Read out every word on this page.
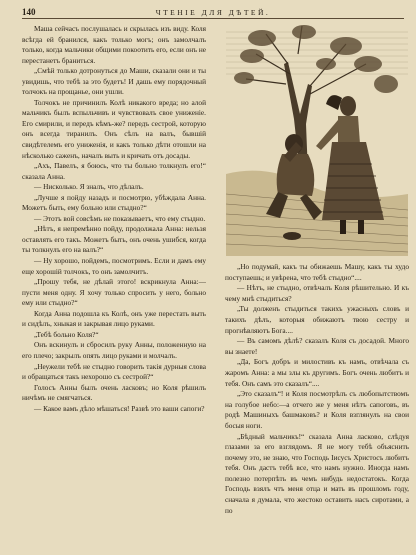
140	ЧТЕНІЕ ДЛЯ ДѢТЕЙ.

Маша сейчасъ послушалась и скрылась изъ виду. Коля всѣгда ей бранился, какъ только могъ; онъ замолчалъ только, когда мальчики общими покоотить его, если онъ не перестанетъ браниться.

„Смѣй только дотронуться до Маши, сказали они и ты увидишь, что тебѣ за это будетъ! И дашь ему порядочный толчокъ на прощанье, они ушли.

Толчокъ не причинилъ Колѣ никакого вреда; но алой мальчикъ былъ вспыльчивъ и чувствовалъ свое униженіе. Его смирили, и передъ кѣмъ-же? передъ сестрой, которую онъ всегда тиранилъ. Онъ сѣлъ на валъ, бывшій свидѣтелемъ его униженія, и какъ только дѣти отошли на нѣсколько саженъ, началъ выть и кричать отъ досады.

„Ахъ, Павелъ, я боюсь, что ты больно толкнулъ его!“ сказала Анна.

— Нисколько. Я зналъ, что дѣлалъ.

„Лучше я пойду назадъ и посмотрю, убѣждала Анна. Можетъ быть, ему больно или стыдно?“

— Этотъ вой совсѣмъ не показываетъ, что ему стыдно.

„Нѣтъ, я непремѣнно пойду, продолжала Анна: нельзя оставлять его такъ. Можетъ быть, онъ очень ушибся, когда ты толкнулъ его на валъ?“

— Ну хорошо, пойдемъ, посмотримъ. Если и дамъ ему еще хорошій толчокъ, то онъ замолчитъ.

„Прошу тебя, не дѣлай этого! вскрикнула Анна:—пусти меня одну. Я хочу только спросить у него, больно ему или стыдно?“

Когда Анна подошла къ Колѣ, онъ уже перестать выть и сидѣлъ, хныкая и закрывая лицо руками.

„Тебѣ больно Коля?“

Онъ вскинулъ и сбросилъ руку Анны, положенную на его плечо; закрылъ опять лицо руками и молчалъ.

„Неужели тебѣ не стыдно говорить такія дурныя слова и обращаться такъ нехорошо съ сестрой?“

Голосъ Анны былъ очень ласковъ; но Коля рѣшилъ ничѣмъ не смягчаться.

— Какое вамъ дѣло мѣшаться! Развѣ это ваши сапоги?

„Но подумай, какъ ты обижаешь Машу, какъ ты худо поступаешь; и увѣрена, что тебѣ стыдно“....

— Нѣтъ, не стыдно, отвѣчалъ Коля рѣшительно. И къ чему мнѣ стыдиться?

„Ты долженъ стыдиться такихъ ужасныхъ словъ и такихъ дѣлъ, которыя обижаютъ твою сестру и прогнѣвляютъ Бога....

— Въ самомъ дѣлѣ? сказалъ Коля съ досадой. Много вы знаете!

„Да, Богъ добръ и милостивъ къ намъ, отвѣчала съ жаромъ Анна: а мы злы къ другимъ. Богъ очень любитъ и тебя. Онъ самъ это сказалъ“....

„Это сказалъ“! и Коля посмотрѣлъ съ любопытствомъ на голубое небо:—а отчего же у меня нѣтъ сапоговъ, въ родѣ Машиныхъ башмаковъ? и Коля взглянулъ на свои босыя ноги.

„Бѣдный мальчикъ!“ сказала Анна ласково, слѣдуя глазами за его взглядомъ. Я не могу тебѣ объяснить почему это, не знаю, что Господь Іисусъ Христосъ любитъ тебя. Онъ дастъ тебѣ все, что намъ нужно. Иногда намъ полезно потерпѣть въ чемъ нибудь недостатокъ. Когда Господь взялъ чтъ меня отца и мать въ прошломъ году, сначала я думала, что жестоко оставить насъ сиротами, а по
